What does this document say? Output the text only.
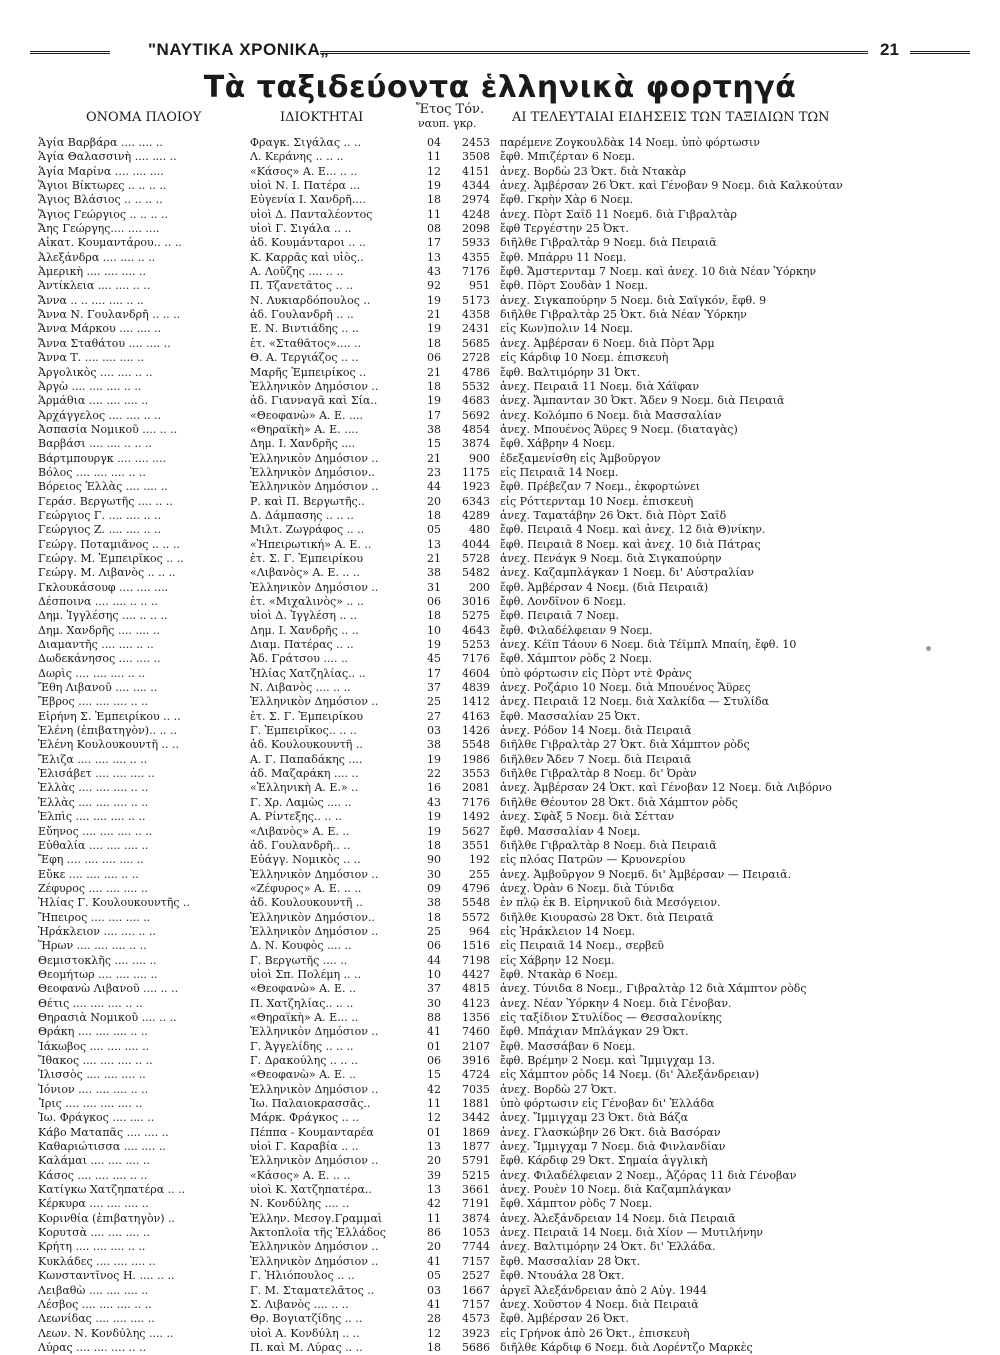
"ΝΑΥΤΙΚΑ ΧΡΟΝΙΚΑ„	21
Τὰ ταξιδεύοντα ἑλληνικὰ φορτηγά
ΟΝΟΜΑ ΠΛΟΙΟΥ	ΙΔΙΟΚΤΗΤΑΙ
Ἔτος Τόν.
ναυπ. γκρ.	ΑΙ ΤΕΛΕΥΤΑΙΑΙ ΕΙΔΗΣΕΙΣ ΤΩΝ ΤΑΞΙΔΙΩΝ ΤΩΝ
Ἁγία Βαρβάρα .... .... ..	Φραγκ. Σιγάλας .. ..	04	2453 παρέμενε Ζογκουλδὰκ 14 Νοεμ. ὑπὸ φόρτωσιν
Ἁγία Θαλασσινὴ .... .... ..	Λ. Κεράνης .. .. ..	11	3508 ἔφθ. Μπιζέρταν 6 Νοεμ.
Ἁγία Μαρίνα .... .... ....	«Κάσος» Α. Ε... .. ..	12	4151 ἀνεχ. Βορδὼ 23 Ὀκτ. διὰ Ντακὰρ
Ἅγιοι Βίκτωρες .. .. .. ..	υἱοὶ Ν. Ι. Πατέρα ...	19	4344 ἀνεχ. Ἀμβέρσαν 26 Ὀκτ. καὶ Γένοβαν 9 Νοεμ. διὰ Καλκούταν
Ἅγιος Βλάσιος .. .. .. ..	Εὐγενία Ι. Χανδρῆ....	18	2974 ἔφθ. Γκρὴν Χὰρ 6 Νοεμ.
Ἅγιος Γεώργιος .. .. .. ..	υἱοὶ Δ. Πανταλέοντος	11	4248 ἀνεχ. Πὸρτ Σαῒδ 11 Νοεμ6. διὰ Γιβραλτὰρ
Ἄης Γεώργης.... .... ....	υἱοὶ Γ. Σιγάλα .. ..	08	2098 ἔφθ Τεργέστην 25 Ὀκτ.
Αἰκατ. Κουμαντάρου.. .. ..	ἀδ. Κουμάνταροι .. ..	17	5933 διῆλθε Γιβραλτὰρ 9 Νοεμ. διὰ Πειραιᾶ
Ἀλεξάνδρα .... .... .. ..	Κ. Καρρᾶς καὶ υἱὸς..	13	4355 ἔφθ. Μπάρρυ 11 Νοεμ.
Ἀμερικὴ .... .... .... ..	Α. Λοῦζης .... .. ..	43	7176 ἔφθ. Ἄμστερνταμ 7 Νοεμ. καὶ ἀνεχ. 10 διὰ Νέαν Ὑόρκην
Ἀντίκλεια .... .... .. ..	Π. Τζανετᾶτος .. ..	92	951 ἔφθ. Πὸρτ Σουδὰν 1 Νοεμ.
Ἄννα .. .. .... .... .. ..	Ν. Λυκιαρδόπουλος ..	19	5173 ἀνεχ. Σιγκαπούρην 5 Νοεμ. διὰ Σαϊγκόν, ἔφθ. 9
Ἄννα Ν. Γουλανδρῆ .. .. ..	ἀδ. Γουλανδρῆ .. ..	21	4358 διῆλθε Γιβραλτὰρ 25 Ὀκτ. διὰ Νέαν Ὑόρκην
Ἄννα Μάρκου .... .... ..	Ε. Ν. Βιντιάδης .. ..	19	2431 εἰς Κων)πολιν 14 Νοεμ.
Ἄννα Σταθάτου .... .... ..	ἑτ. «Σταθᾶτος».... ..	18	5685 ἀνεχ. Ἀμβέρσαν 6 Νοεμ. διὰ Πὸρτ Ἄρμ
Ἄννα Τ. .... .... .... ..	Θ. Α. Τεργιάζος .. ..	06	2728 εἰς Κάρδιφ 10 Νοεμ. ἐπισκευὴ
Ἀργολικὸς .... .... .. ..	Μαρῆς Ἐμπειρίκος ..	21	4786 ἔφθ. Βαλτιμόρην 31 Ὀκτ.
Ἀργὼ .... .... .... .. ..	Ἑλληνικὸν Δημόσιον ..	18	5532 ἀνεχ. Πειραιᾶ 11 Νοεμ. διὰ Χάϊφαν
Ἁρμάθια .... .... .... ..	ἀδ. Γιανναγᾶ καὶ Σία..	19	4683 ἀνεχ. Ἄμπανταν 30 Ὀκτ. Ἄδεν 9 Νοεμ. διὰ Πειραιᾶ
Ἀρχάγγελος .... .... .. ..	«Θεοφανὼ» Α. Ε. ....	17	5692 ἀνεχ. Κολόμπο 6 Νοεμ. διὰ Μασσαλίαν
Ἀσπασία Νομικοῦ .... .. ..	«Θηραϊκὴ» Α. Ε. ....	38	4854 ἀνεχ. Μπουένος Ἄϋρες 9 Νοεμ. (διαταγὰς)
Βαρβάσι .... .... .. .. ..	Δημ. Ι. Χανδρῆς ....	15	3874 ἔφθ. Χάβρην 4 Νοεμ.
Βάρτμπουργκ .... .... ....	Ἑλληνικὸν Δημόσιον ..	21	900 ἐδεξαμενίσθη εἰς Ἀμβοῦργον
Βόλος .... .... .... .. ..	Ἑλληνικὸν Δημόσιον..	23	1175 εἰς Πειραιᾶ 14 Νοεμ.
Βόρειος Ἑλλὰς .... .... ..	Ἑλληνικὸν Δημόσιον ..	44	1923 ἔφθ. Πρέβεζαν 7 Νοεμ., ἐκφορτώνει
Γεράσ. Βεργωτῆς .... .. ..	Ρ. καὶ Π. Βεργωτῆς..	20	6343 εἰς Ρόττερνταμ 10 Νοεμ. ἐπισκευὴ
Γεώργιος Γ. .... .... .. ..	Δ. Δάμπασης .. .. ..	18	4289 ἀνεχ. Ταματάβην 26 Ὀκτ. διὰ Πὸρτ Σαῒδ
Γεώργιος Ζ. .... .... .. ..	Μιλτ. Ζωγράφος .. ..	05	480 ἔφθ. Πειραιᾶ 4 Νοεμ. καὶ ἀνεχ. 12 διὰ Θ)νίκην.
Γεώργ. Ποταμιᾶνος .. .. ..	«Ἠπειρωτική» Α. Ε. ..	13	4044 ἔφθ. Πειραιᾶ 8 Νοεμ. καὶ ἀνεχ. 10 διὰ Πάτρας
Γεώργ. Μ. Ἐμπειρῖκος .. ..	ἑτ. Σ. Γ. Ἐμπειρίκου	21	5728 ἀνεχ. Πενάγκ 9 Νοεμ. διὰ Σιγκαπούρην
Γεώργ. Μ. Λιβανὸς .. .. ..	«Λιβανὸς» Α. Ε. .. ..	38	5482 ἀνεχ. Καζαμπλάγκαν 1 Νοεμ. δι' Αὐστραλίαν
Γκλουκάσουφ .... .... ....	Ἑλληνικὸν Δημόσιον ..	31	200 ἔφθ. Ἀμβέρσαν 4 Νοεμ. (διὰ Πειραιᾶ)
Δέσποινα .... .... .. .. ..	ἑτ. «Μιχαλινὸς» .. ..	06	3016 ἔφθ. Λονδῖνον 6 Νοεμ.
Δημ. Ἰγγλέσης .... .. .. ..	υἱοὶ Δ. Ἰγγλέση .. ..	18	5275 ἔφθ. Πειραιᾶ 7 Νοεμ.
Δημ. Χανδρῆς .... .... ..	Δημ. Ι. Χανδρῆς .. ..	10	4643 ἔφθ. Φιλαδέλφειαν 9 Νοεμ.
Διαμαντῆς .... .... .. ..	Διαμ. Πατέρας .. ..	19	5253 ἀνεχ. Κέϊπ Τάουν 6 Νοεμ. διὰ Τέϊμπλ Μπαίη, ἔφθ. 10
Δωδεκάνησος .... .... ..	Ἀδ. Γράτσου .... ..	45	7176 ἔφθ. Χάμπτον ρὸδς 2 Νοεμ.
Δωρὶς .... .... .... .. ..	Ἠλίας Χατζηλίας.. ..	17	4604 ὑπὸ φόρτωσιν εἰς Πὸρτ ντὲ Φρὰνς
Ἔθη Λιβανοῦ .... .... ..	Ν. Λιβανὸς .... .. ..	37	4839 ἀνεχ. Ροζάριο 10 Νοεμ. διὰ Μπουένος Ἄϋρες
Ἔβρος .... .... .... .. ..	Ἑλληνικὸν Δημόσιον ..	25	1412 ἀνεχ. Πειραιᾶ 12 Νοεμ. διὰ Χαλκίδα — Στυλίδα
Εἰρήνη Σ. Ἐμπειρίκου .. ..	ἑτ. Σ. Γ. Ἐμπειρίκου	27	4163 ἔφθ. Μασσαλίαν 25 Ὀκτ.
Ἑλένη (ἐπιβατηγὸν).. .. ..	Γ. Ἐμπειρῖκος.. .. ..	03	1426 ἀνεχ. Ρόδον 14 Νοεμ. διὰ Πειραιᾶ
Ἑλένη Κουλουκουντῆ .. ..	ἀδ. Κουλουκουντῆ ..	38	5548 διῆλθε Γιβραλτὰρ 27 Ὀκτ. διὰ Χάμπτον ρὸδς
Ἔλιζα .... .... .... .. ..	Α. Γ. Παπαδάκης ....	19	1986 διῆλθεν Ἄδεν 7 Νοεμ. διὰ Πειραιᾶ
Ἐλισάβετ .... .... .... ..	ἀδ. Μαζαράκη .... ..	22	3553 διῆλθε Γιβραλτὰρ 8 Νοεμ. δι' Ὀρὰν
Ἑλλὰς .... .... .... .. ..	«Ἑλληνικὴ Α. Ε.» ..	16	2081 ἀνεχ. Ἀμβέρσαν 24 Ὀκτ. καὶ Γένοβαν 12 Νοεμ. διὰ Λιβόρνο
Ἑλλὰς .... .... .... .. ..	Γ. Χρ. Λαμὼς .... ..	43	7176 διῆλθε Θέουτον 28 Ὀκτ. διὰ Χάμπτον ρὸδς
Ἐλπὶς .... .... .... .. ..	Α. Ρίντεξης.. .. ..	19	1492 ἀνεχ. Σφὰξ 5 Νοεμ. διὰ Σέτταν
Εὔηνος .... .... .... .. ..	«Λιβανὸς» Α. Ε. ..	19	5627 ἔφθ. Μασσαλίαν 4 Νοεμ.
Εὐθαλία .... .... .... ..	ἀδ. Γουλανδρῆ.. ..	18	3551 διῆλθε Γιβραλτὰρ 8 Νοεμ. διὰ Πειραιᾶ
Ἔφη .... .... .... .... ..	Εὐάγγ. Νομικὸς .. ..	90	192 εἰς πλόας Πατρῶν — Κρυονερίου
Εὔκε .... .... .... .. ..	Ἑλληνικὸν Δημόσιον ..	30	255 ἀνεχ. Ἀμβοῦργον 9 Νοεμ6. δι' Ἀμβέρσαν — Πειραιᾶ.
Ζέφυρος .... .... .... ..	«Ζέφυρος» Α. Ε. .. ..	09	4796 ἀνεχ. Ὀρὰν 6 Νοεμ. διὰ Τύνιδα
Ἠλίας Γ. Κουλουκουντῆς ..	ἀδ. Κουλουκουντῆ ..	38	5548 ἐν πλῷ ἐκ Β. Εἰρηνικοῦ διὰ Μεσόγειον.
Ἤπειρος .... .... .... ..	Ἑλληνικὸν Δημόσιον..	18	5572 διῆλθε Κιουρασὼ 28 Ὀκτ. διὰ Πειραιᾶ
Ἡράκλειον .... .... .. ..	Ἑλληνικὸν Δημόσιον ..	25	964 εἰς Ἡράκλειον 14 Νοεμ.
Ἥρων .... .... .... .. ..	Δ. Ν. Κουφὸς .... ..	06	1516 εἰς Πειραιᾶ 14 Νοεμ., σερβεῦ
Θεμιστοκλῆς .... .... ..	Γ. Βεργωτῆς .... ..	44	7198 εἰς Χάβρην 12 Νοεμ.
Θεομήτωρ .... .... .... ..	υἱοὶ Σπ. Πολέμη .. ..	10	4427 ἔφθ. Ντακὰρ 6 Νοεμ.
Θεοφανὼ Λιβανοῦ .... .. ..	«Θεοφανὼ» Α. Ε. ..	37	4815 ἀνεχ. Τύνιδα 8 Νοεμ., Γιβραλτὰρ 12 διὰ Χάμπτον ρὸδς
Θέτις .... .... .... .. ..	Π. Χατζηλίας.. .. ..	30	4123 ἀνεχ. Νέαν Ὑόρκην 4 Νοεμ. διὰ Γένοβαν.
Θηρασιὰ Νομικοῦ .... .. ..	«Θηραϊκὴ» Α. Ε... ..	88	1356 εἰς ταξίδιον Στυλίδος — Θεσσαλονίκης
Θράκη .... .... .... .. ..	Ἑλληνικὸν Δημόσιον ..	41	7460 ἔφθ. Μπάχιαν Μπλάγκαν 29 Ὀκτ.
Ἰάκωβος .... .... .... ..	Γ. Ἀγγελίδης .. .. ..	01	2107 ἔφθ. Μασσάβαν 6 Νοεμ.
Ἴθακος .... .... .... .. ..	Γ. Δρακούλης .. .. ..	06	3916 ἔφθ. Βρέμην 2 Νοεμ. καὶ Ἴμμιγχαμ 13.
Ἰλισσὸς .... .... .... ..	«Θεοφανὼ» Α. Ε. ..	15	4724 εἰς Χάμπτον ρὸδς 14 Νοεμ. (δι' Ἀλεξάνδρειαν)
Ἰόνιον .... .... .... .. ..	Ἑλληνικὸν Δημόσιον ..	42	7035 ἀνεχ. Βορδὼ 27 Ὀκτ.
Ἶρις .... .... .... .... ..	Ἰω. Παλαιοκρασσᾶς..	11	1881 ὑπὸ φόρτωσιν εἰς Γένοβαν δι' Ἑλλάδα
Ἰω. Φράγκος .... .... ..	Μάρκ. Φράγκος .. ..	12	3442 ἀνεχ. Ἴμμιγχαμ 23 Ὀκτ. διὰ Βάζα
Κάβο Ματαπᾶς .... .... ..	Πέππα - Κουμανταρέα	01	1869 ἀνεχ. Γλασκώβην 26 Ὀκτ. διὰ Βασόραν
Καθαριώτισσα .... .... ..	υἱοὶ Γ. Καραβία .. ..	13	1877 ἀνεχ. Ἴμμιγχαμ 7 Νοεμ. διὰ Φινλανδίαν
Καλάμαι .... .... .... ..	Ἑλληνικὸν Δημόσιον ..	20	5791 ἔφθ. Κάρδιφ 29 Ὀκτ. Σημαία ἀγγλικὴ
Κάσος .... .... .... .. ..	«Κάσος» Α. Ε. .. ..	39	5215 ἀνεχ. Φιλαδέλφειαν 2 Νοεμ., Ἀζόρας 11 διὰ Γένοβαν
Κατίγκω Χατζηπατέρα .. ..	υἱοὶ Κ. Χατζηπατέρα..	13	3661 ἀνεχ. Ρουὲν 10 Νοεμ. διὰ Καζαμπλάγκαν
Κέρκυρα .... .... .... ..	Ν. Κονδύλης .... ..	42	7191 ἔφθ. Χάμπτον ρὸδς 7 Νοεμ.
Κορινθία (ἐπιβατηγὸν) ..	Ἑλλην. Μεσογ.Γραμμαὶ	11	3874 ἀνεχ. Ἀλεξάνδρειαν 14 Νοεμ. διὰ Πειραιᾶ
Κορυτσὰ .... .... .... ..	Ἀκτοπλοΐα τῆς Ἑλλάδος	86	1053 ἀνεχ. Πειραιᾶ 14 Νοεμ. διὰ Χίον — Μυτιλήνην
Κρήτη .... .... .... .. ..	Ἑλληνικὸν Δημόσιον ..	20	7744 ἀνεχ. Βαλτιμόρην 24 Ὀκτ. δι' Ἑλλάδα.
Κυκλάδες .... .... .... ..	Ἑλληνικὸν Δημόσιον ..	41	7157 ἔφθ. Μασσαλίαν 28 Ὀκτ.
Κωνσταντῖνος Η. .... .. ..	Γ. Ἡλιόπουλος .. ..	05	2527 ἔφθ. Ντουάλα 28 Ὀκτ.
Λειβαθὼ .... .... .... ..	Γ. Μ. Σταματελᾶτος ..	03	1667 ἀργεῖ Ἀλεξάνδρειαν ἀπὸ 2 Αὐγ. 1944
Λέσβος .... .... .... .. ..	Σ. Λιβανὸς .... .. ..	41	7157 ἀνεχ. Χοῦστον 4 Νοεμ. διὰ Πειραιᾶ
Λεωνίδας .... .... .... ..	Θρ. Βογιατζίδης .. ..	28	4573 ἔφθ. Ἀμβέρσαν 26 Ὀκτ.
Λεων. Ν. Κονδύλης .... ..	υἱοὶ Α. Κονδύλη .. ..	12	3923 εἰς Γρήνοκ ἀπὸ 26 Ὀκτ., ἐπισκευὴ
Λύρας .... .... .... .. ..	Π. καὶ Μ. Λύρας .. ..	18	5686 διῆλθε Κάρδιφ 6 Νοεμ. διὰ Λορέντζο Μαρκὲς
